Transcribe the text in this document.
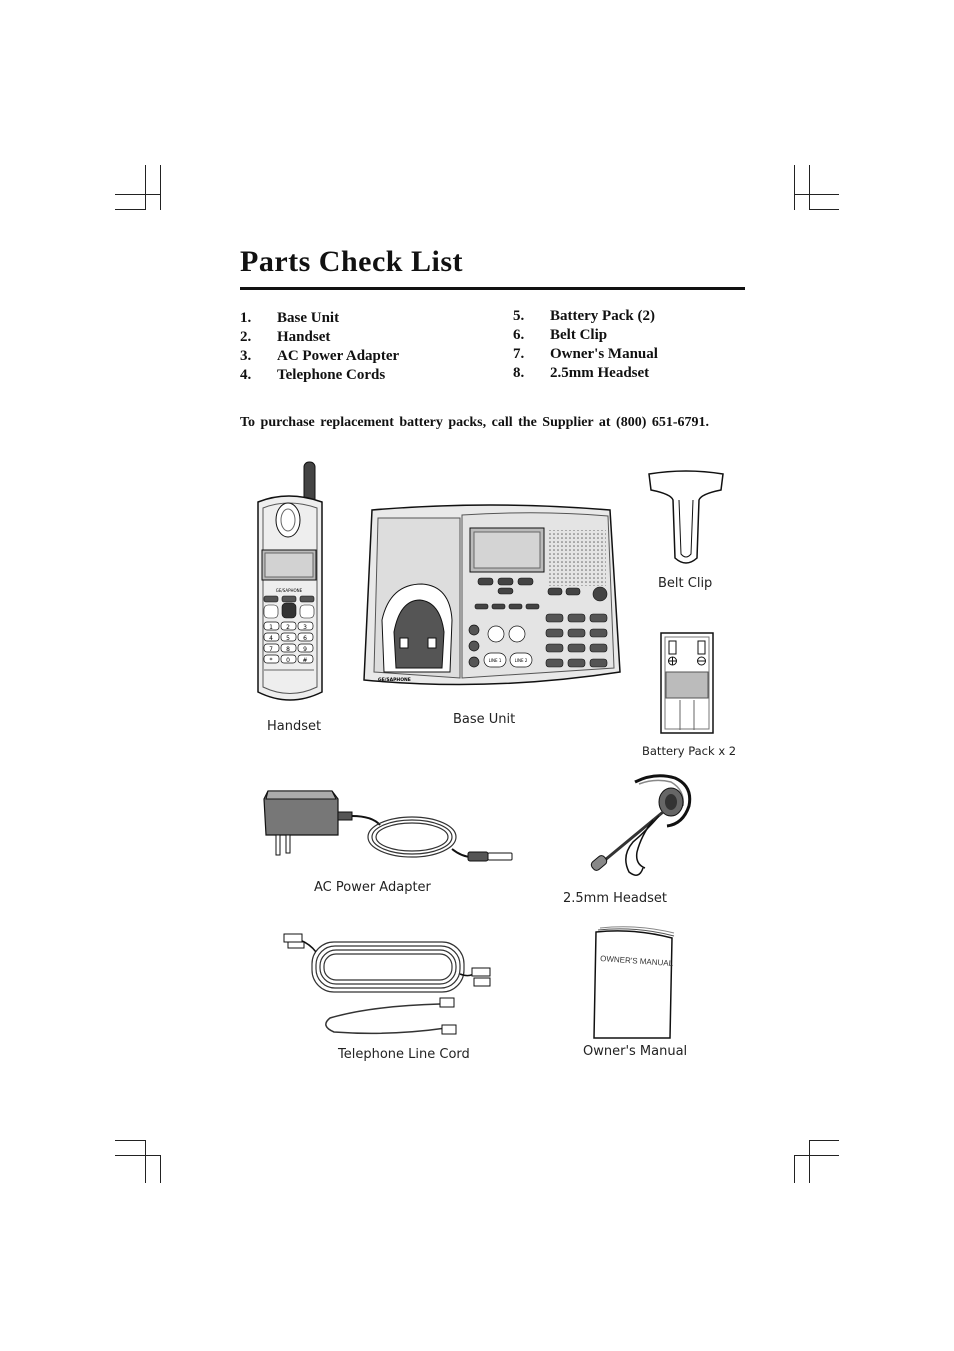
Parts Check List
1. Base Unit
2. Handset
3. AC Power Adapter
4. Telephone Cords
5. Battery Pack (2)
6. Belt Clip
7. Owner's Manual
8. 2.5mm Headset
To purchase replacement battery packs, call the Supplier at (800) 651-6791.
GE/SAPHONE
1 2 3
4 5 6
7 8 9
* 0 #
Handset
LINE 1	LINE 2
GE/SAPHONE
Base Unit
Belt Clip
Battery Pack x 2
AC Power Adapter
2.5mm Headset
Telephone Line Cord
OWNER'S MANUAL
Owner's Manual
